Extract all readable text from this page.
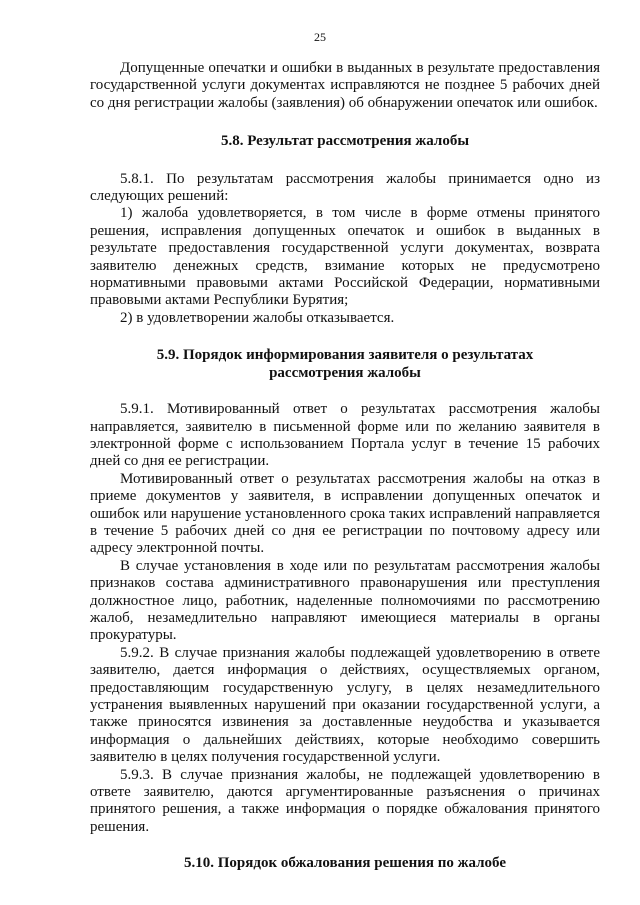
25

Допущенные опечатки и ошибки в выданных в результате предоставления государственной услуги документах исправляются не позднее 5 рабочих дней со дня регистрации жалобы (заявления) об обнаружении опечаток или ошибок.

5.8. Результат рассмотрения жалобы

5.8.1. По результатам рассмотрения жалобы принимается одно из следующих решений:

1) жалоба удовлетворяется, в том числе в форме отмены принятого решения, исправления допущенных опечаток и ошибок в выданных в результате предоставления государственной услуги документах, возврата заявителю денежных средств, взимание которых не предусмотрено нормативными правовыми актами Российской Федерации, нормативными правовыми актами Республики Бурятия;

2) в удовлетворении жалобы отказывается.

5.9. Порядок информирования заявителя о результатах
рассмотрения жалобы

5.9.1. Мотивированный ответ о результатах рассмотрения жалобы направляется, заявителю в письменной форме или по желанию заявителя в электронной форме с использованием Портала услуг в течение 15 рабочих дней со дня ее регистрации.

Мотивированный ответ о результатах рассмотрения жалобы на отказ в приеме документов у заявителя, в исправлении допущенных опечаток и ошибок или нарушение установленного срока таких исправлений направляется в течение 5 рабочих дней со дня ее регистрации по почтовому адресу или адресу электронной почты.

В случае установления в ходе или по результатам рассмотрения жалобы признаков состава административного правонарушения или преступления должностное лицо, работник, наделенные полномочиями по рассмотрению жалоб, незамедлительно направляют имеющиеся материалы в органы прокуратуры.

5.9.2. В случае признания жалобы подлежащей удовлетворению в ответе заявителю, дается информация о действиях, осуществляемых органом, предоставляющим государственную услугу, в целях незамедлительного устранения выявленных нарушений при оказании государственной услуги, а также приносятся извинения за доставленные неудобства и указывается информация о дальнейших действиях, которые необходимо совершить заявителю в целях получения государственной услуги.

5.9.3. В случае признания жалобы, не подлежащей удовлетворению в ответе заявителю, даются аргументированные разъяснения о причинах принятого решения, а также информация о порядке обжалования принятого решения.

5.10. Порядок обжалования решения по жалобе
